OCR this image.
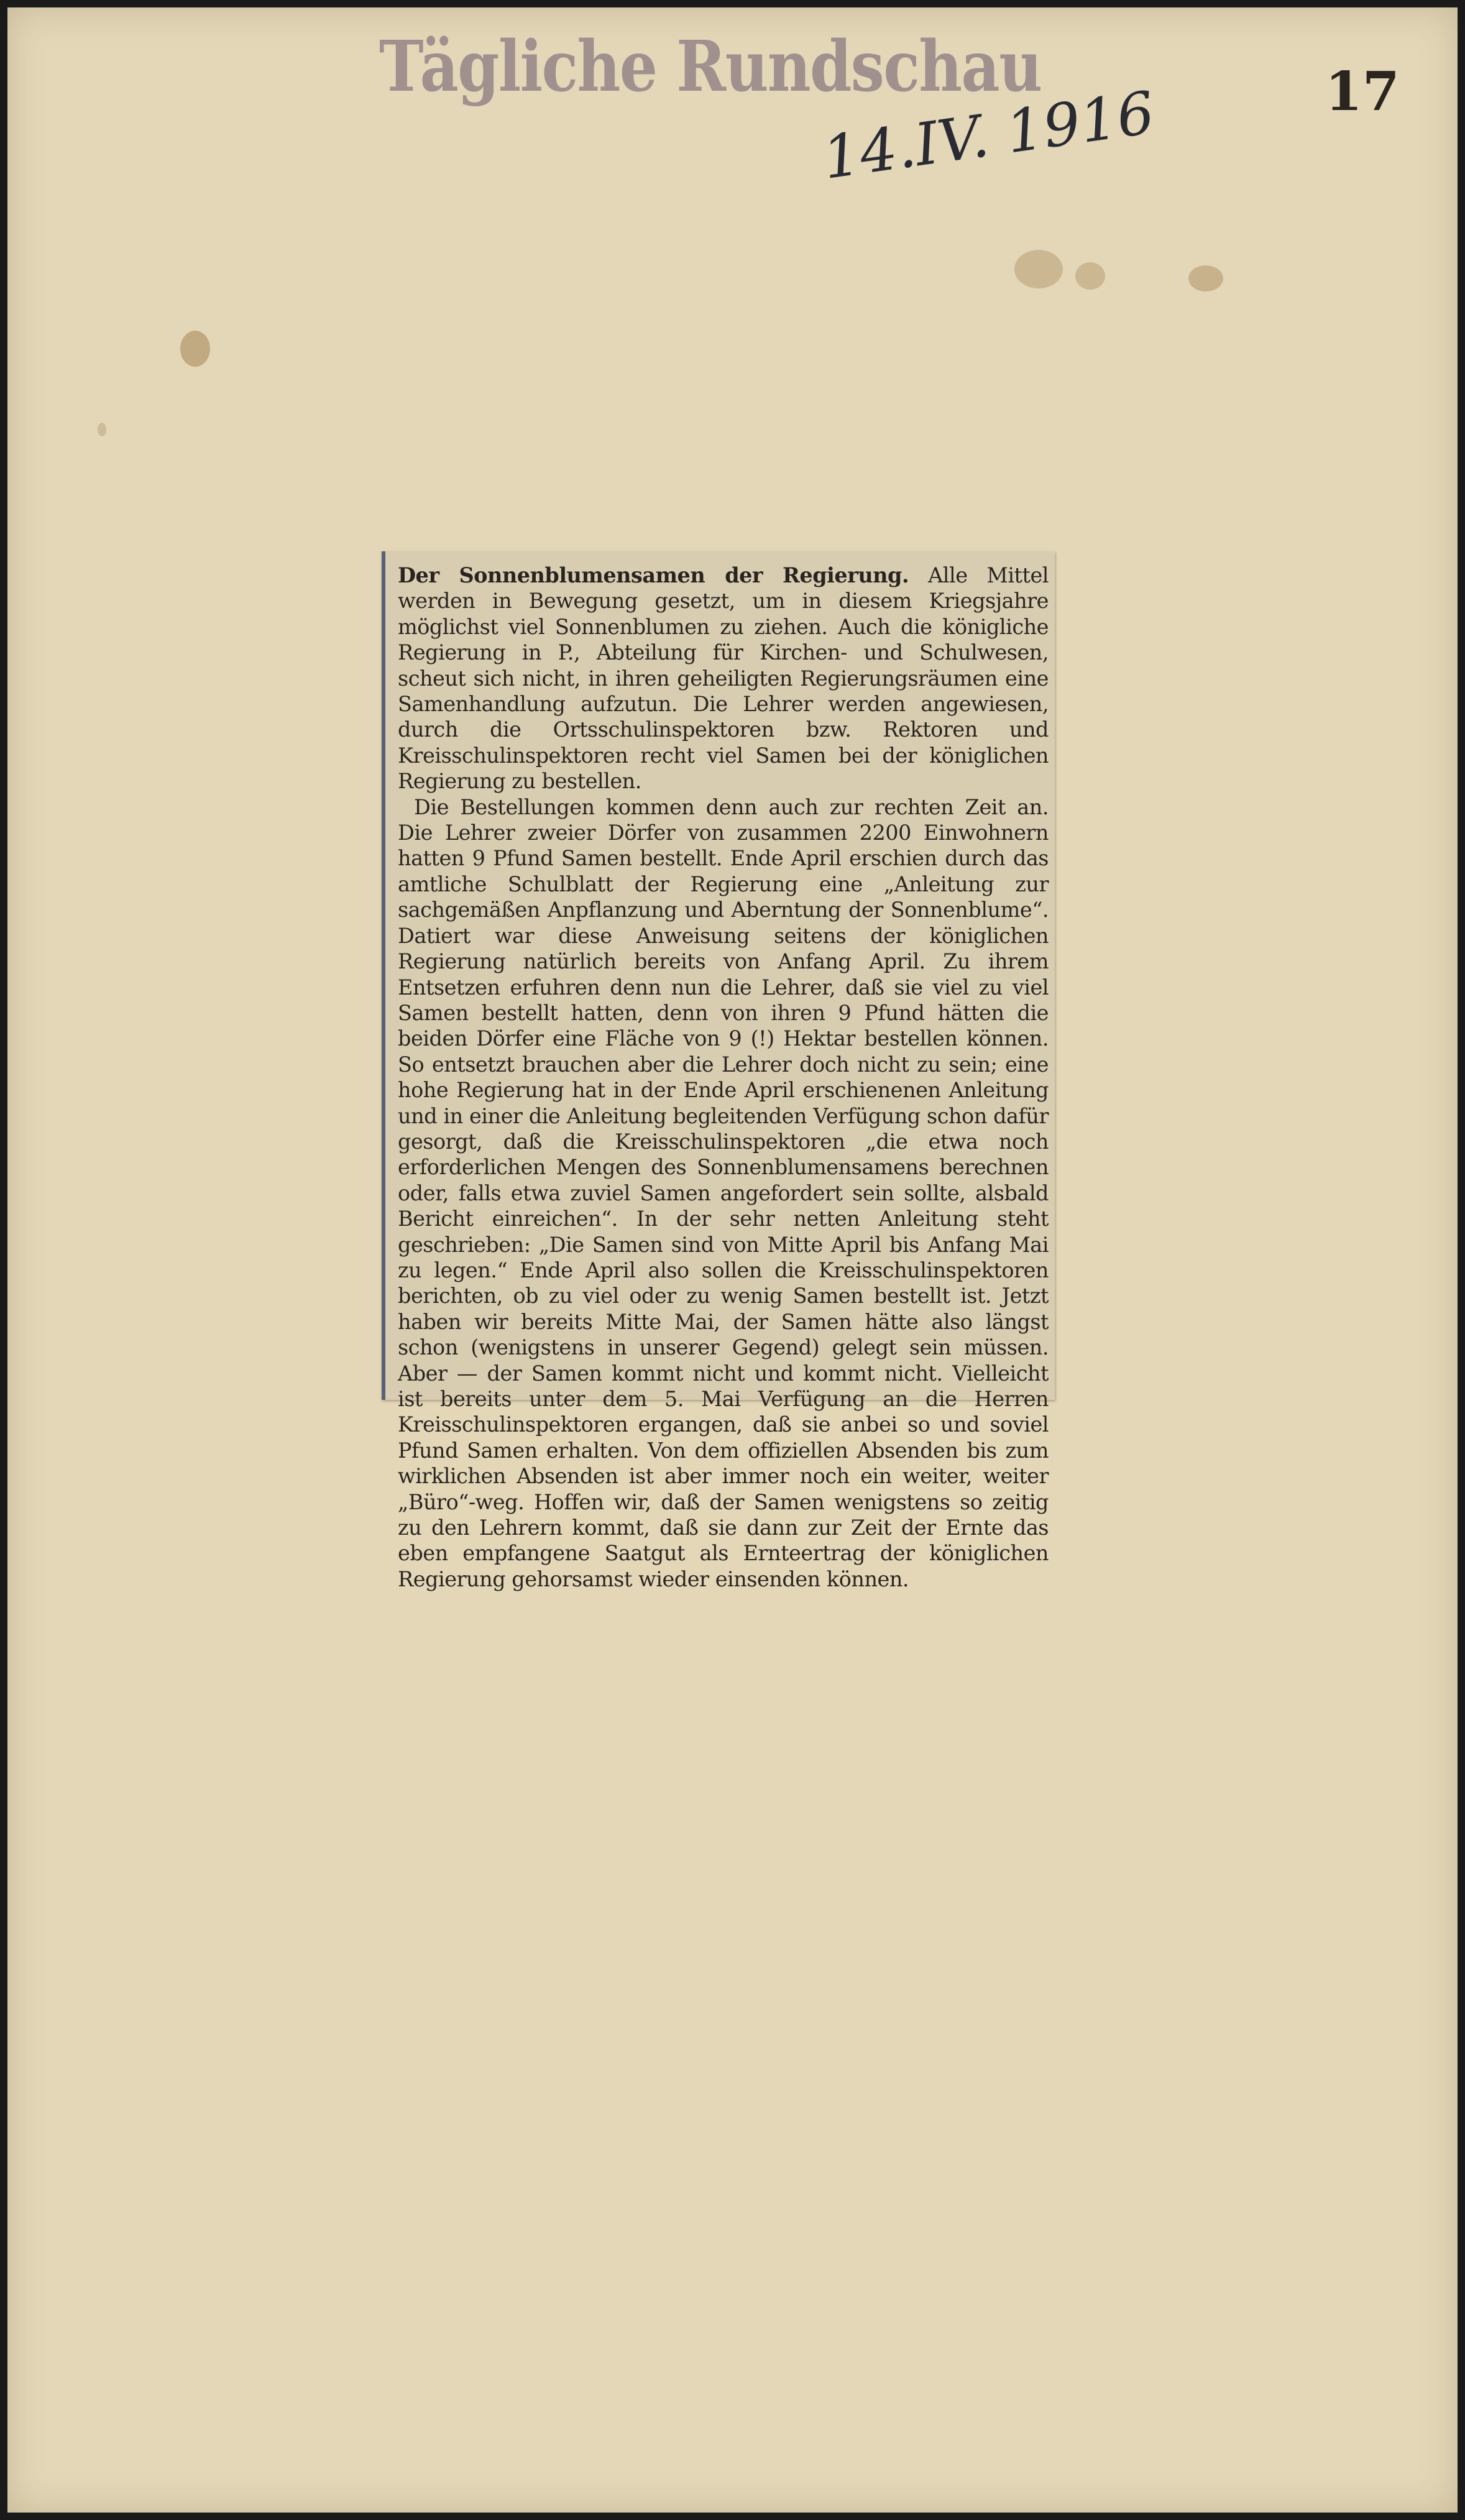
Tägliche Rundschau	17
14.IV. 1916

Der Sonnenblumensamen der Regierung. Alle Mittel werden in Bewegung gesetzt, um in diesem Kriegsjahre möglichst viel Sonnenblumen zu ziehen. Auch die königliche Regierung in P., Abteilung für Kirchen- und Schulwesen, scheut sich nicht, in ihren geheiligten Regierungsräumen eine Samenhandlung aufzutun. Die Lehrer werden angewiesen, durch die Ortsschulinspektoren bzw. Rektoren und Kreisschulinspektoren recht viel Samen bei der königlichen Regierung zu bestellen.

Die Bestellungen kommen denn auch zur rechten Zeit an. Die Lehrer zweier Dörfer von zusammen 2200 Einwohnern hatten 9 Pfund Samen bestellt. Ende April erschien durch das amtliche Schulblatt der Regierung eine „Anleitung zur sachgemäßen Anpflanzung und Aberntung der Sonnenblume“. Datiert war diese Anweisung seitens der königlichen Regierung natürlich bereits von Anfang April. Zu ihrem Entsetzen erfuhren denn nun die Lehrer, daß sie viel zu viel Samen bestellt hatten, denn von ihren 9 Pfund hätten die beiden Dörfer eine Fläche von 9 (!) Hektar bestellen können. So entsetzt brauchen aber die Lehrer doch nicht zu sein; eine hohe Regierung hat in der Ende April erschienenen Anleitung und in einer die Anleitung begleitenden Verfügung schon dafür gesorgt, daß die Kreisschulinspektoren „die etwa noch erforderlichen Mengen des Sonnenblumensamens berechnen oder, falls etwa zuviel Samen angefordert sein sollte, alsbald Bericht einreichen“. In der sehr netten Anleitung steht geschrieben: „Die Samen sind von Mitte April bis Anfang Mai zu legen.“ Ende April also sollen die Kreisschulinspektoren berichten, ob zu viel oder zu wenig Samen bestellt ist. Jetzt haben wir bereits Mitte Mai, der Samen hätte also längst schon (wenigstens in unserer Gegend) gelegt sein müssen. Aber — der Samen kommt nicht und kommt nicht. Vielleicht ist bereits unter dem 5. Mai Verfügung an die Herren Kreisschulinspektoren ergangen, daß sie anbei so und soviel Pfund Samen erhalten. Von dem offiziellen Absenden bis zum wirklichen Absenden ist aber immer noch ein weiter, weiter „Büro“-weg. Hoffen wir, daß der Samen wenigstens so zeitig zu den Lehrern kommt, daß sie dann zur Zeit der Ernte das eben empfangene Saatgut als Ernteertrag der königlichen Regierung gehorsamst wieder einsenden können.
